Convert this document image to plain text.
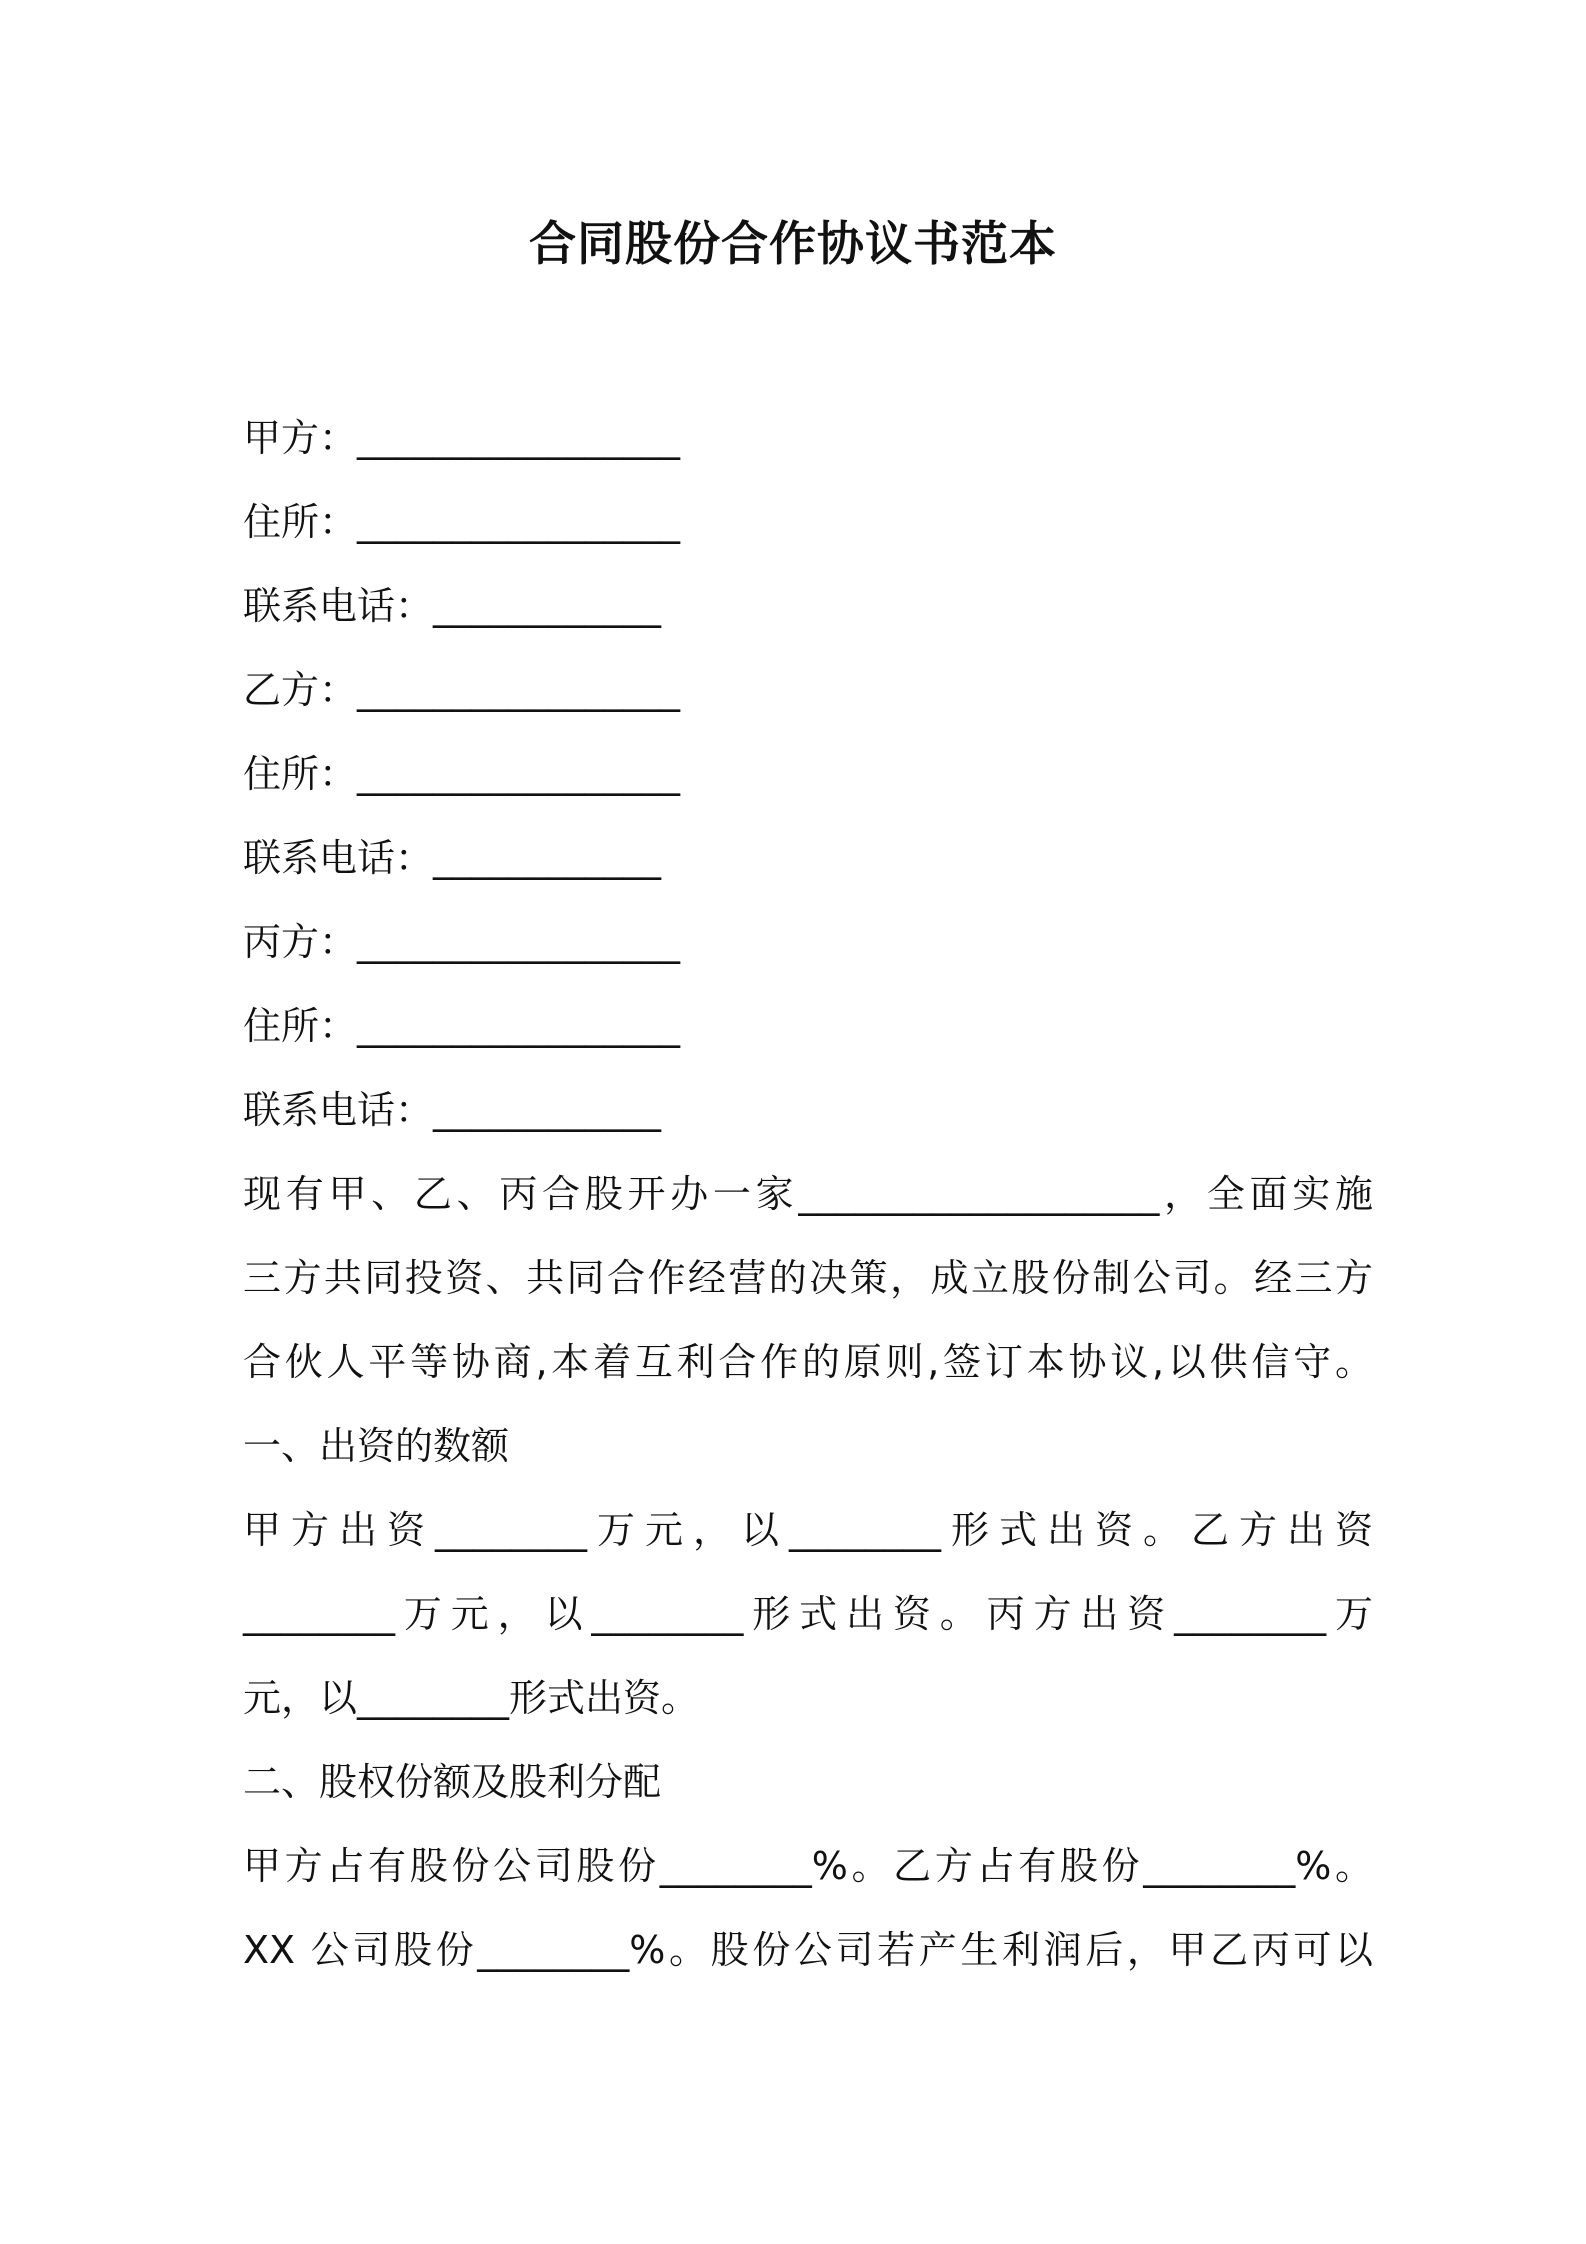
合同股份合作协议书范本
甲方：_________________
住所：_________________
联系电话：____________
乙方：_________________
住所：_________________
联系电话：____________
丙方：_________________
住所：_________________
联系电话：____________
现有甲、乙、丙合股开办一家___________________，全面实施
三方共同投资、共同合作经营的决策，成立股份制公司。经三方
合伙人平等协商,本着互利合作的原则,签订本协议,以供信守。
一、出资的数额
甲方出资________万元，以________形式出资。乙方出资
________万元，以________形式出资。丙方出资________万
元，以________形式出资。
二、股权份额及股利分配
甲方占有股份公司股份________%。乙方占有股份________%。
XX 公司股份________%。股份公司若产生利润后，甲乙丙可以
